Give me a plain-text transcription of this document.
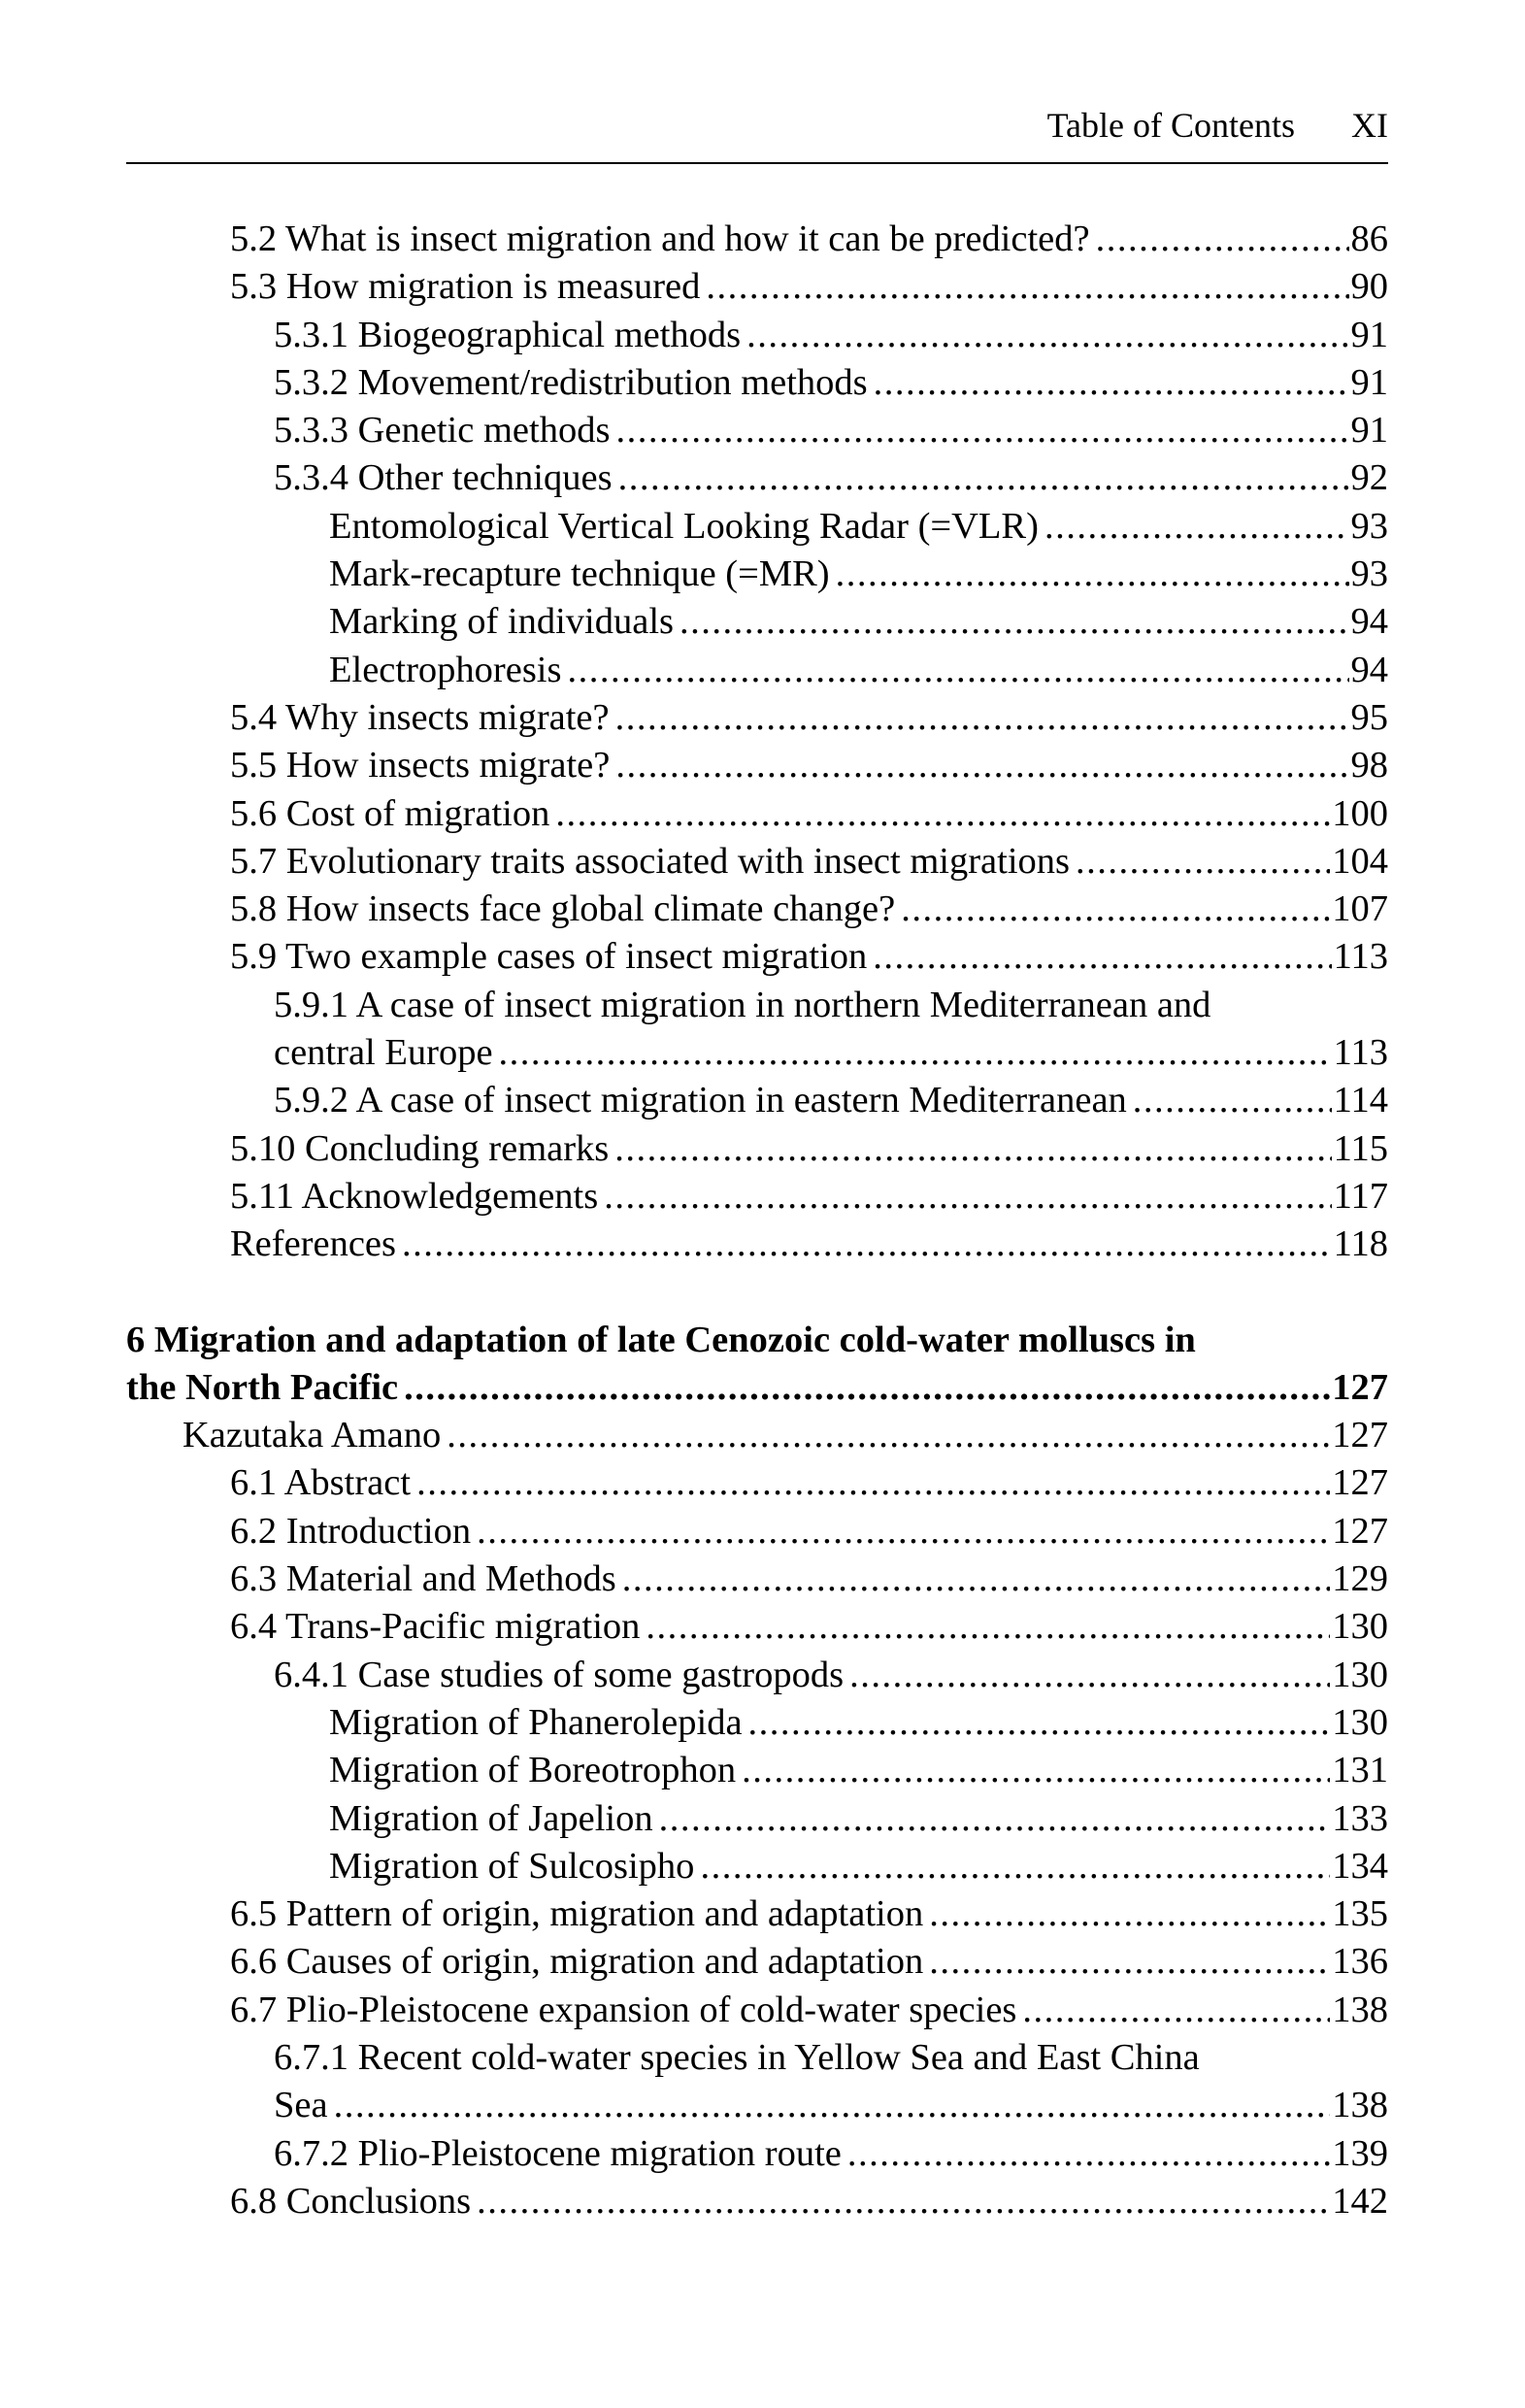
Table of Contents XI
5.2 What is insect migration and how it can be predicted? .....	86
5.3 How migration is measured .....	90
5.3.1 Biogeographical methods .....	91
5.3.2 Movement/redistribution methods .....	91
5.3.3 Genetic methods .....	91
5.3.4 Other techniques .....	92
Entomological Vertical Looking Radar (=VLR) .....	93
Mark-recapture technique (=MR) .....	93
Marking of individuals .....	94
Electrophoresis .....	94
5.4 Why insects migrate? .....	95
5.5 How insects migrate? .....	98
5.6 Cost of migration .....	100
5.7 Evolutionary traits associated with insect migrations .....	104
5.8 How insects face global climate change? .....	107
5.9 Two example cases of insect migration .....	113
5.9.1 A case of insect migration in northern Mediterranean and
central Europe .....	113
5.9.2 A case of insect migration in eastern Mediterranean .....	114
5.10 Concluding remarks .....	115
5.11 Acknowledgements .....	117
References .....	118
6 Migration and adaptation of late Cenozoic cold-water molluscs in
the North Pacific .....	127
Kazutaka Amano .....	127
6.1 Abstract .....	127
6.2 Introduction .....	127
6.3 Material and Methods .....	129
6.4 Trans-Pacific migration .....	130
6.4.1 Case studies of some gastropods .....	130
Migration of Phanerolepida .....	130
Migration of Boreotrophon .....	131
Migration of Japelion .....	133
Migration of Sulcosipho .....	134
6.5 Pattern of origin, migration and adaptation .....	135
6.6 Causes of origin, migration and adaptation .....	136
6.7 Plio-Pleistocene expansion of cold-water species .....	138
6.7.1 Recent cold-water species in Yellow Sea and East China
Sea .....	138
6.7.2 Plio-Pleistocene migration route .....	139
6.8 Conclusions .....	142
